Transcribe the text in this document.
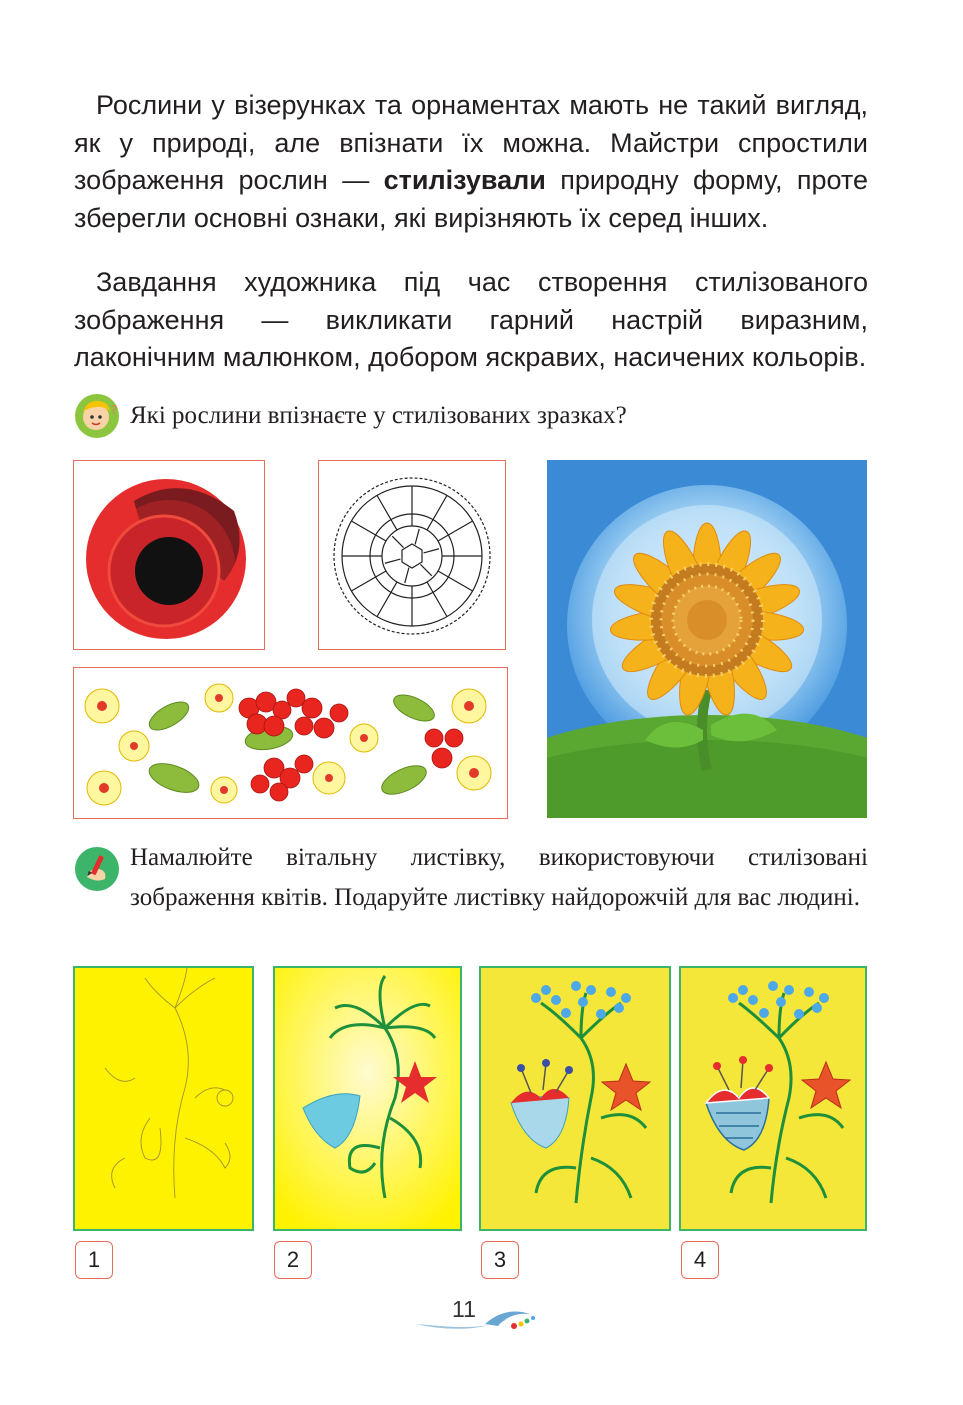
Рослини у візерунках та орнаментах мають не такий вигляд, як у природі, але впізнати їх можна. Майстри спростили зображення рослин — стилізували природну форму, проте зберегли основні ознаки, які вирізняють їх серед інших.

Завдання художника під час створення стилізованого зображення — викликати гарний настрій виразним, лаконічним малюнком, добором яскравих, насичених кольорів.

? Які рослини впізнаєте у стилізованих зразках?

Намалюйте вітальну листівку, використовуючи стилізовані зображення квітів. Подаруйте листівку найдорожчій для вас людині.

1	2	3	4
11
